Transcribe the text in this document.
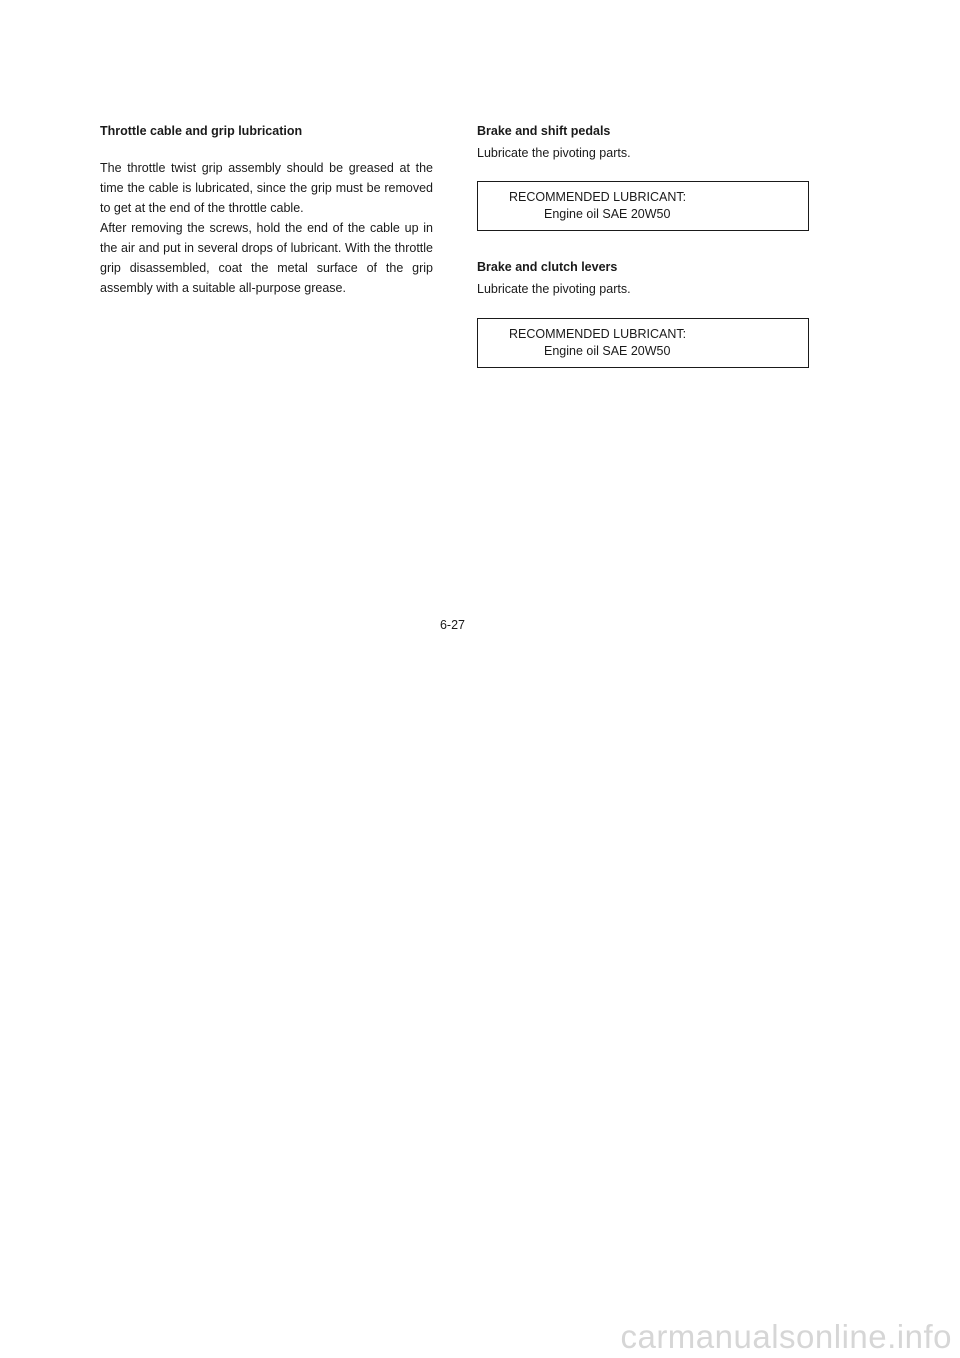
Throttle cable and grip lubrication

The throttle twist grip assembly should be greased at the time the cable is lubricated, since the grip must be removed to get at the end of the throttle cable.

After removing the screws, hold the end of the cable up in the air and put in several drops of lubricant. With the throttle grip disassembled, coat the metal surface of the grip assembly with a suitable all-purpose grease.

Brake and shift pedals

Lubricate the pivoting parts.

RECOMMENDED LUBRICANT:
Engine oil SAE 20W50

Brake and clutch levers

Lubricate the pivoting parts.

RECOMMENDED LUBRICANT:
Engine oil SAE 20W50
6-27
carmanualsonline.info
